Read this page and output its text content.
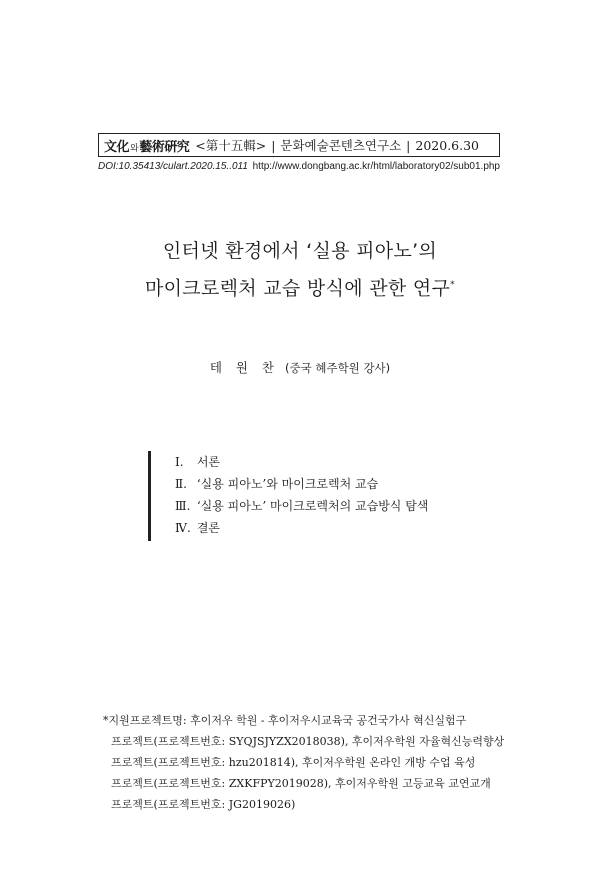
文化와藝術硏究 <第十五輯> | 문화예술콘텐츠연구소 | 2020.6.30
DOI:10.35413/culart.2020.15..011 http://www.dongbang.ac.kr/html/laboratory02/sub01.php
인터넷 환경에서 ‘실용 피아노’의
마이크로렉처 교습 방식에 관한 연구*
테 원 찬 (중국 혜주학원 강사)
Ⅰ. 서론
Ⅱ. ‘실용 피아노’와 마이크로렉처 교습
Ⅲ. ‘실용 피아노’ 마이크로렉처의 교습방식 탐색
Ⅳ. 결론
*지원프로젝트명: 후이저우 학원 - 후이저우시교육국 공건국가사 혁신실험구
프로젝트(프로젝트번호: SYQJSJYZX2018038), 후이저우학원 자율혁신능력향상
프로젝트(프로젝트번호: hzu201814), 후이저우학원 온라인 개방 수업 육성
프로젝트(프로젝트번호: ZXKFPY2019028), 후이저우학원 고등교육 교연교개
프로젝트(프로젝트번호: JG2019026)
